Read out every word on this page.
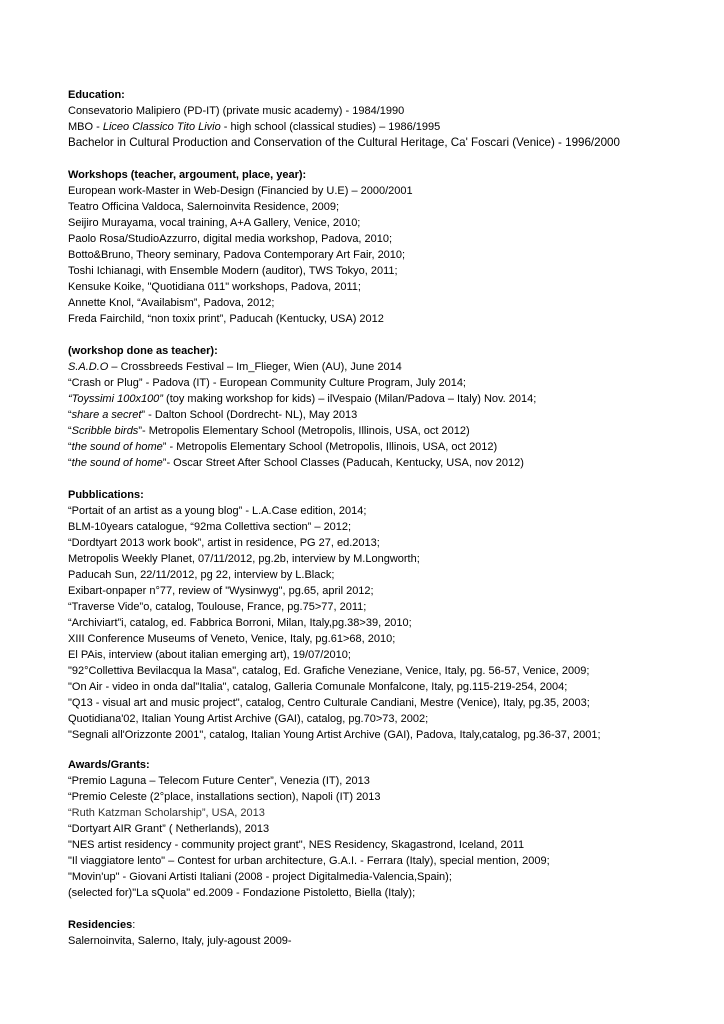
Education:

Consevatorio Malipiero (PD-IT) (private music academy) - 1984/1990

MBO - Liceo Classico Tito Livio - high school (classical studies) – 1986/1995

Bachelor in Cultural Production and Conservation of the Cultural Heritage, Ca' Foscari (Venice) - 1996/2000

Workshops (teacher, argoument, place, year):

European work-Master in Web-Design (Financied by U.E) – 2000/2001

Teatro Officina Valdoca, Salernoinvita Residence, 2009;

Seijiro Murayama, vocal training, A+A Gallery, Venice, 2010;

Paolo Rosa/StudioAzzurro, digital media workshop, Padova, 2010;

Botto&Bruno, Theory seminary, Padova Contemporary Art Fair, 2010;

Toshi Ichianagi, with Ensemble Modern (auditor), TWS Tokyo, 2011;

Kensuke Koike, "Quotidiana 011" workshops, Padova, 2011;

Annette Knol, “Availabism”, Padova, 2012;

Freda Fairchild, “non toxix print”, Paducah (Kentucky, USA) 2012

(workshop done as teacher):

S.A.D.O – Crossbreeds Festival – Im_Flieger, Wien (AU), June 2014

“Crash or Plug” - Padova (IT) - European Community Culture Program, July 2014;

“Toyssimi 100x100” (toy making workshop for kids) – ilVespaio (Milan/Padova – Italy) Nov. 2014;

“share a secret” - Dalton School (Dordrecht- NL), May 2013

“Scribble birds”- Metropolis Elementary School (Metropolis, Illinois, USA, oct 2012)

“the sound of home” - Metropolis Elementary School (Metropolis, Illinois, USA, oct 2012)

“the sound of home”- Oscar Street After School Classes (Paducah, Kentucky, USA, nov 2012)

Pubblications:

“Portait of an artist as a young blog” - L.A.Case edition, 2014;

BLM-10years catalogue, “92ma Collettiva section” – 2012;

“Dordtyart 2013 work book”, artist in residence, PG 27, ed.2013;

Metropolis Weekly Planet, 07/11/2012, pg.2b, interview by M.Longworth;

Paducah Sun, 22/11/2012, pg 22, interview by L.Black;

Exibart-onpaper n°77, review of "Wysinwyg", pg.65, april 2012;

“Traverse Vide”o, catalog, Toulouse, France, pg.75>77, 2011;

“Archiviart”i, catalog, ed. Fabbrica Borroni, Milan, Italy,pg.38>39, 2010;

XIII Conference Museums of Veneto, Venice, Italy, pg.61>68, 2010;

El PAis, interview (about italian emerging art), 19/07/2010;

"92°Collettiva Bevilacqua la Masa", catalog, Ed. Grafiche Veneziane, Venice, Italy, pg. 56-57, Venice, 2009;

"On Air - video in onda dal"Italia", catalog, Galleria Comunale Monfalcone, Italy, pg.115-219-254, 2004;

"Q13 - visual art and music project", catalog, Centro Culturale Candiani, Mestre (Venice), Italy, pg.35, 2003;

Quotidiana'02, Italian Young Artist Archive (GAI), catalog, pg.70>73, 2002;

"Segnali all'Orizzonte 2001", catalog, Italian Young Artist Archive (GAI), Padova, Italy,catalog, pg.36-37, 2001;

Awards/Grants:

“Premio Laguna – Telecom Future Center”, Venezia (IT), 2013

“Premio Celeste (2°place, installations section), Napoli (IT) 2013

“Ruth Katzman Scholarship”, USA, 2013

“Dortyart AIR Grant” ( Netherlands), 2013

"NES artist residency - community project grant", NES Residency, Skagastrond, Iceland, 2011

"Il viaggiatore lento" – Contest for urban architecture, G.A.I. - Ferrara (Italy), special mention, 2009;

"Movin'up" - Giovani Artisti Italiani (2008 - project Digitalmedia-Valencia,Spain);

(selected for)"La sQuola" ed.2009 - Fondazione Pistoletto, Biella (Italy);

Residencies:

Salernoinvita, Salerno, Italy, july-agoust 2009-
